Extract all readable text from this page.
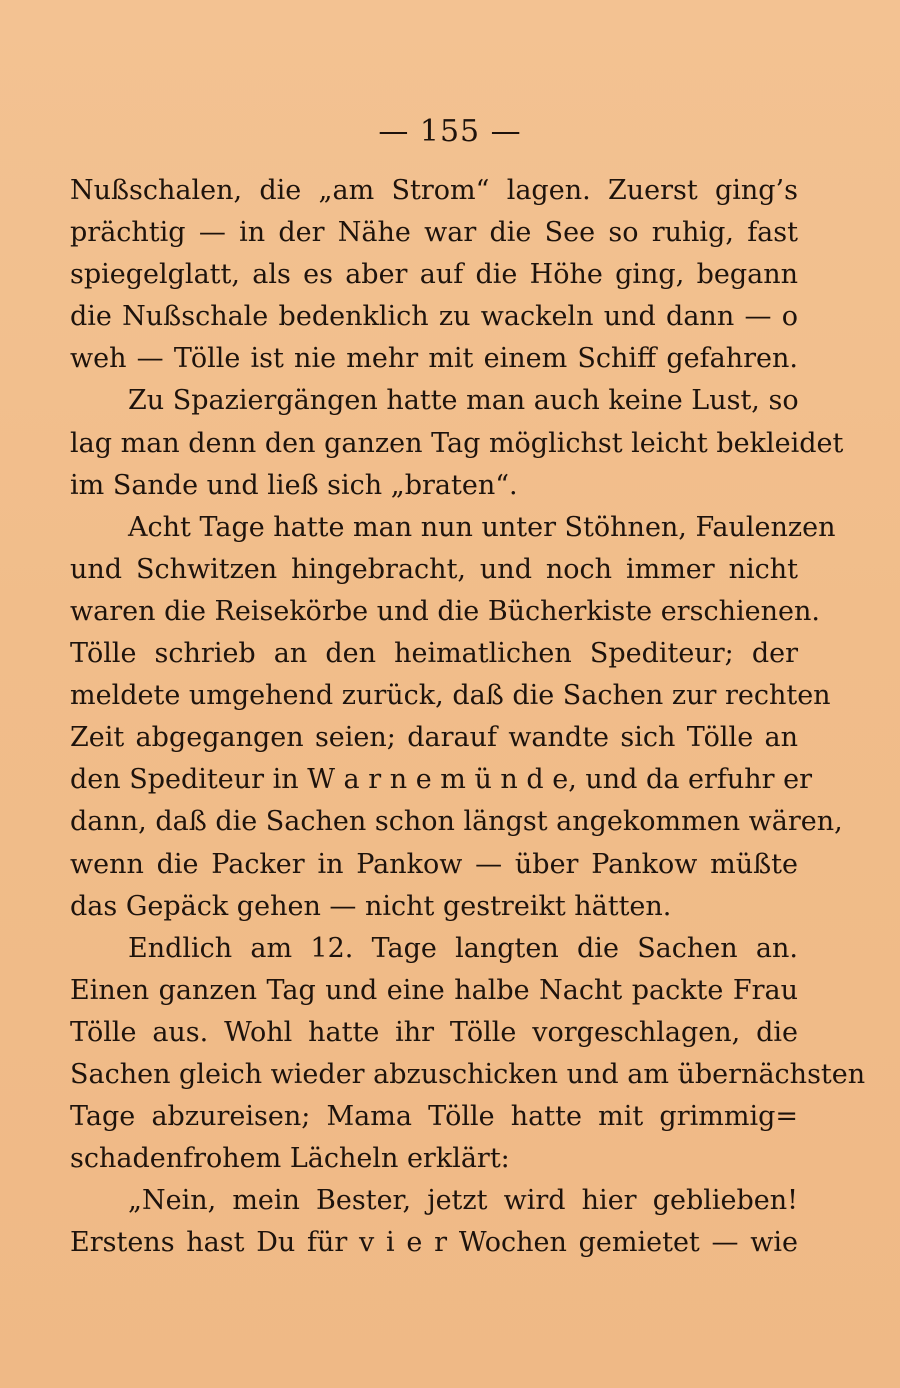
— 155 —
Nußschalen, die „am Strom“ lagen. Zuerst ging’s
prächtig — in der Nähe war die See so ruhig, fast
spiegelglatt, als es aber auf die Höhe ging, begann
die Nußschale bedenklich zu wackeln und dann — o
weh — Tölle ist nie mehr mit einem Schiff gefahren.
Zu Spaziergängen hatte man auch keine Lust, so
lag man denn den ganzen Tag möglichst leicht bekleidet
im Sande und ließ sich „braten“.
Acht Tage hatte man nun unter Stöhnen, Faulenzen
und Schwitzen hingebracht, und noch immer nicht
waren die Reisekörbe und die Bücherkiste erschienen.
Tölle schrieb an den heimatlichen Spediteur; der
meldete umgehend zurück, daß die Sachen zur rechten
Zeit abgegangen seien; darauf wandte sich Tölle an
den Spediteur in W a r n e m ü n d e, und da erfuhr er
dann, daß die Sachen schon längst angekommen wären,
wenn die Packer in Pankow — über Pankow müßte
das Gepäck gehen — nicht gestreikt hätten.
Endlich am 12. Tage langten die Sachen an.
Einen ganzen Tag und eine halbe Nacht packte Frau
Tölle aus. Wohl hatte ihr Tölle vorgeschlagen, die
Sachen gleich wieder abzuschicken und am übernächsten
Tage abzureisen; Mama Tölle hatte mit grimmig=
schadenfrohem Lächeln erklärt:
„Nein, mein Bester, jetzt wird hier geblieben!
Erstens hast Du für v i e r Wochen gemietet — wie
